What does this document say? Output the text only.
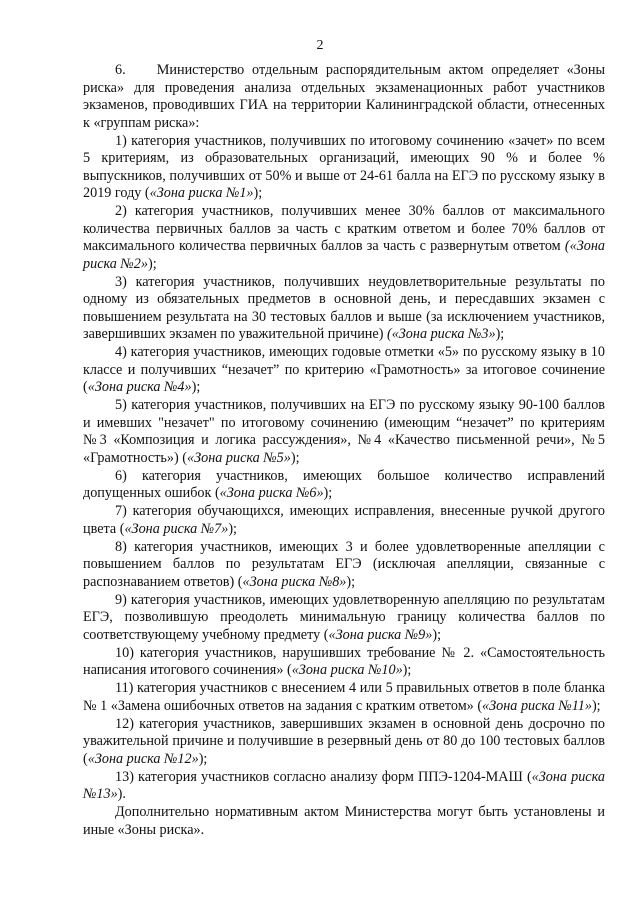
2

6.    Министерство отдельным распорядительным актом определяет «Зоны риска» для проведения анализа отдельных экзаменационных работ участников экзаменов, проводивших ГИА на территории Калининградской области, отнесенных к «группам риска»:

1) категория участников, получивших по итоговому сочинению «зачет» по всем 5 критериям, из образовательных организаций, имеющих 90 % и более % выпускников, получивших от 50% и выше от 24-61 балла на ЕГЭ по русскому языку в 2019 году («Зона риска №1»);

2) категория участников, получивших менее 30% баллов от максимального количества первичных баллов за часть с кратким ответом и более 70% баллов от максимального количества первичных баллов за часть с развернутым ответом («Зона риска №2»);

3) категория участников, получивших неудовлетворительные результаты по одному из обязательных предметов в основной день, и пересдавших экзамен с повышением результата на 30 тестовых баллов и выше (за исключением участников, завершивших экзамен по уважительной причине) («Зона риска №3»);

4) категория участников, имеющих годовые отметки «5» по русскому языку в 10 классе и получивших “незачет” по критерию «Грамотность» за итоговое сочинение («Зона риска №4»);

5) категория участников, получивших на ЕГЭ по русскому языку 90-100 баллов и имевших "незачет" по итоговому сочинению (имеющим “незачет” по критериям №3 «Композиция и логика рассуждения», №4 «Качество письменной речи», №5 «Грамотность») («Зона риска №5»);

6) категория участников, имеющих большое количество исправлений допущенных ошибок («Зона риска №6»);

7) категория обучающихся, имеющих исправления, внесенные ручкой другого цвета («Зона риска №7»);

8) категория участников, имеющих 3 и более удовлетворенные апелляции с повышением баллов по результатам ЕГЭ (исключая апелляции, связанные с распознаванием ответов) («Зона риска №8»);

9) категория участников, имеющих удовлетворенную апелляцию по результатам ЕГЭ, позволившую преодолеть минимальную границу количества баллов по соответствующему учебному предмету («Зона риска №9»);

10) категория участников, нарушивших требование № 2. «Самостоятельность написания итогового сочинения» («Зона риска №10»);

11) категория участников с внесением 4 или 5 правильных ответов в поле бланка № 1 «Замена ошибочных ответов на задания с кратким ответом» («Зона риска №11»);

12) категория участников, завершивших экзамен в основной день досрочно по уважительной причине и получившие в резервный день от 80 до 100 тестовых баллов («Зона риска №12»);

13) категория участников согласно анализу форм ППЭ-1204-МАШ («Зона риска №13»).

Дополнительно нормативным актом Министерства могут быть установлены и иные «Зоны риска».
